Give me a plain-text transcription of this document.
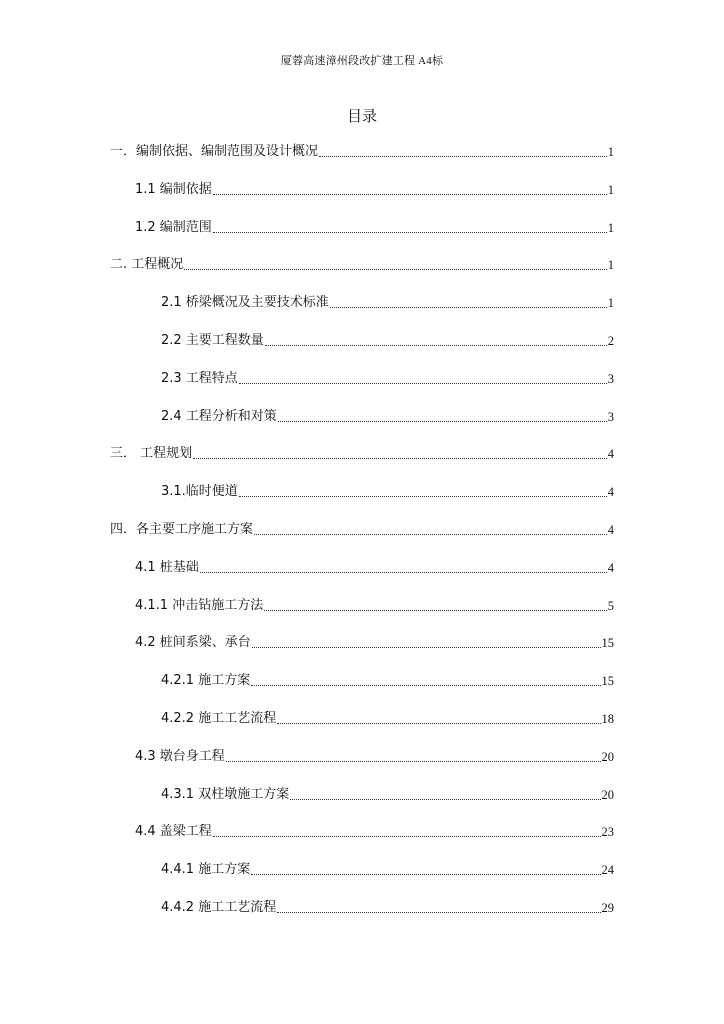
厦蓉高速漳州段改扩建工程 A4标
目录
一．编制依据、编制范围及设计概况	1
1.1 编制依据	1
1.2 编制范围	1
二. 工程概况	1
2.1 桥梁概况及主要技术标准	1
2.2 主要工程数量	2
2.3 工程特点	3
2.4 工程分析和对策	3
三． 工程规划	4
3.1.临时便道	4
四．各主要工序施工方案	4
4.1 桩基础	4
4.1.1 冲击钻施工方法	5
4.2 桩间系梁、承台	15
4.2.1 施工方案	15
4.2.2 施工工艺流程	18
4.3 墩台身工程	20
4.3.1 双柱墩施工方案	20
4.4 盖梁工程	23
4.4.1 施工方案	24
4.4.2 施工工艺流程	29
